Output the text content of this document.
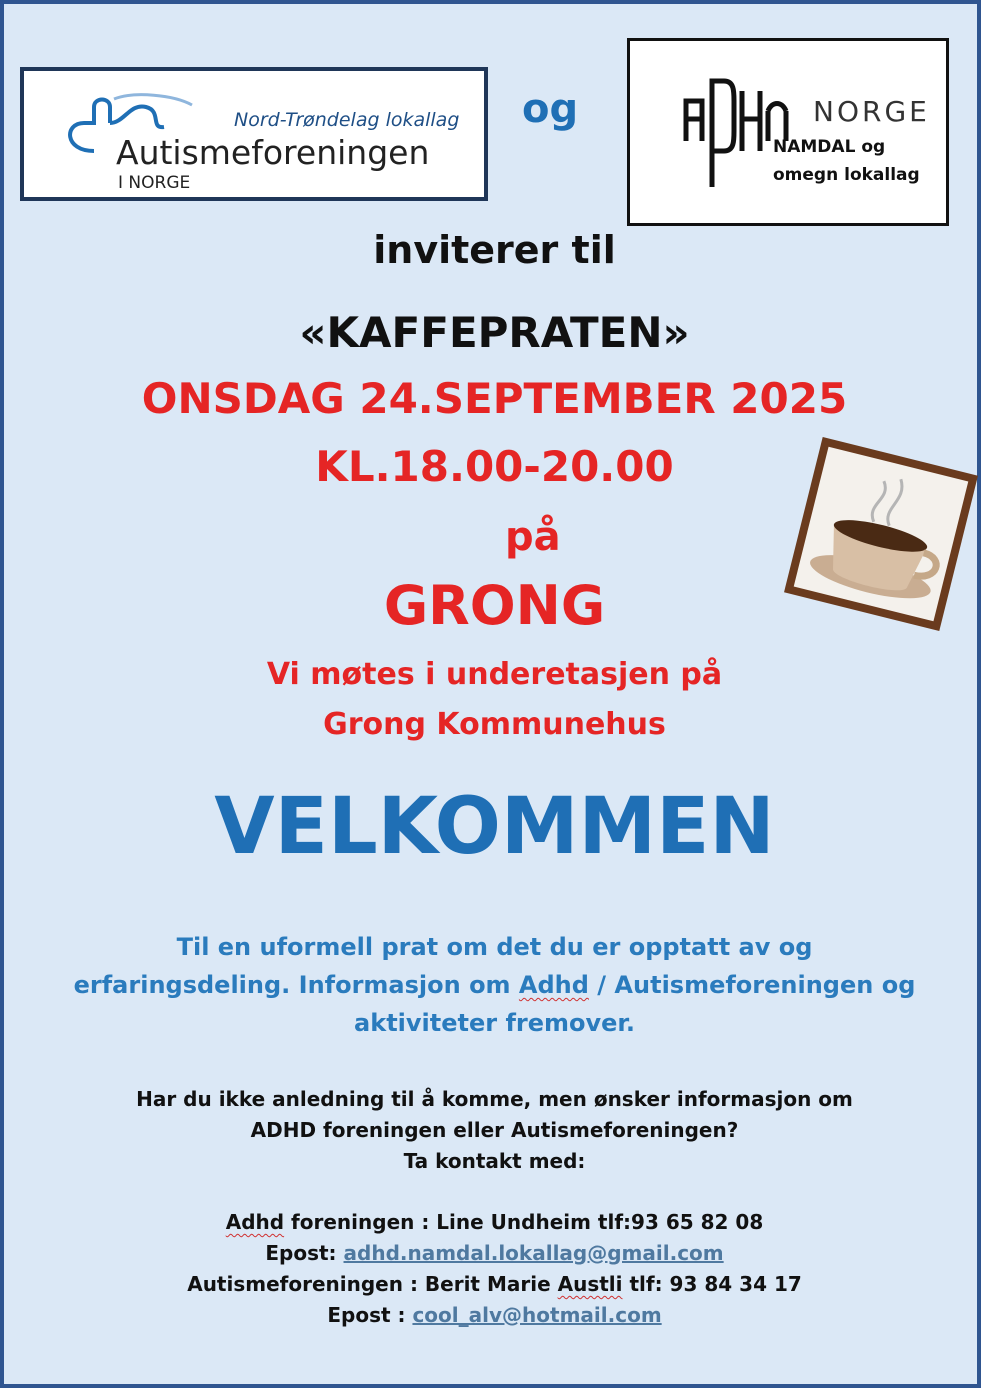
Nord-Trøndelag lokallag
Autismeforeningen
I NORGE
og	NORGE
NAMDAL og
omegn lokallag
inviterer til
«KAFFEPRATEN»
ONSDAG 24.SEPTEMBER 2025
KL.18.00-20.00
på
GRONG
Vi møtes i underetasjen på
Grong Kommunehus
VELKOMMEN
Til en uformell prat om det du er opptatt av og
erfaringsdeling. Informasjon om Adhd / Autismeforeningen og
aktiviteter fremover.
Har du ikke anledning til å komme, men ønsker informasjon om
ADHD foreningen eller Autismeforeningen?
Ta kontakt med:
Adhd foreningen : Line Undheim tlf:93 65 82 08
Epost: adhd.namdal.lokallag@gmail.com
Autismeforeningen : Berit Marie Austli tlf: 93 84 34 17
Epost : cool_alv@hotmail.com
